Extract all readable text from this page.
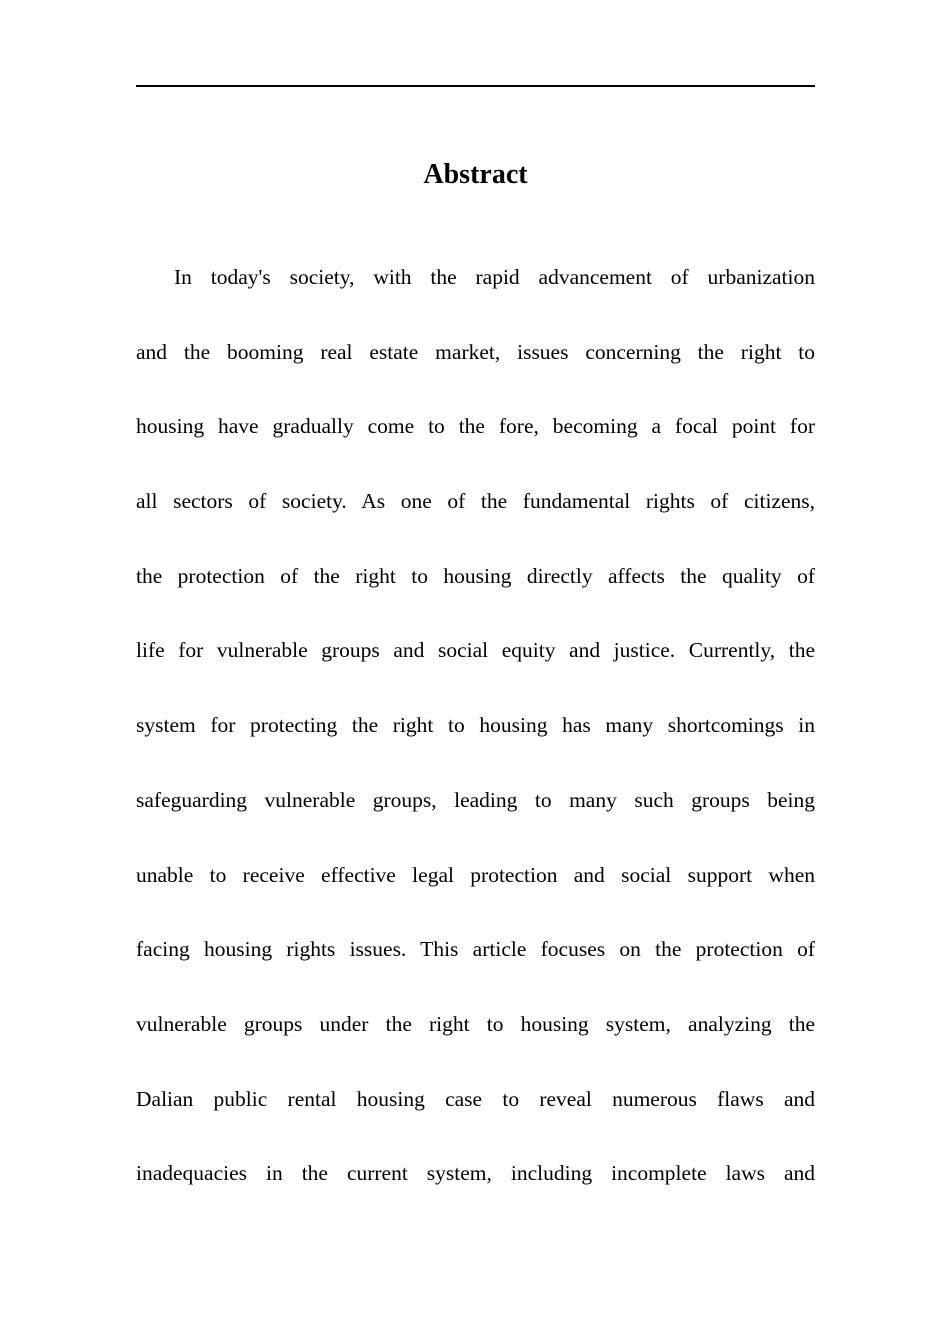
Abstract
In today's society, with the rapid advancement of urbanization
and the booming real estate market, issues concerning the right to
housing have gradually come to the fore, becoming a focal point for
all sectors of society. As one of the fundamental rights of citizens,
the protection of the right to housing directly affects the quality of
life for vulnerable groups and social equity and justice. Currently, the
system for protecting the right to housing has many shortcomings in
safeguarding vulnerable groups, leading to many such groups being
unable to receive effective legal protection and social support when
facing housing rights issues. This article focuses on the protection of
vulnerable groups under the right to housing system, analyzing the
Dalian public rental housing case to reveal numerous flaws and
inadequacies in the current system, including incomplete laws and
